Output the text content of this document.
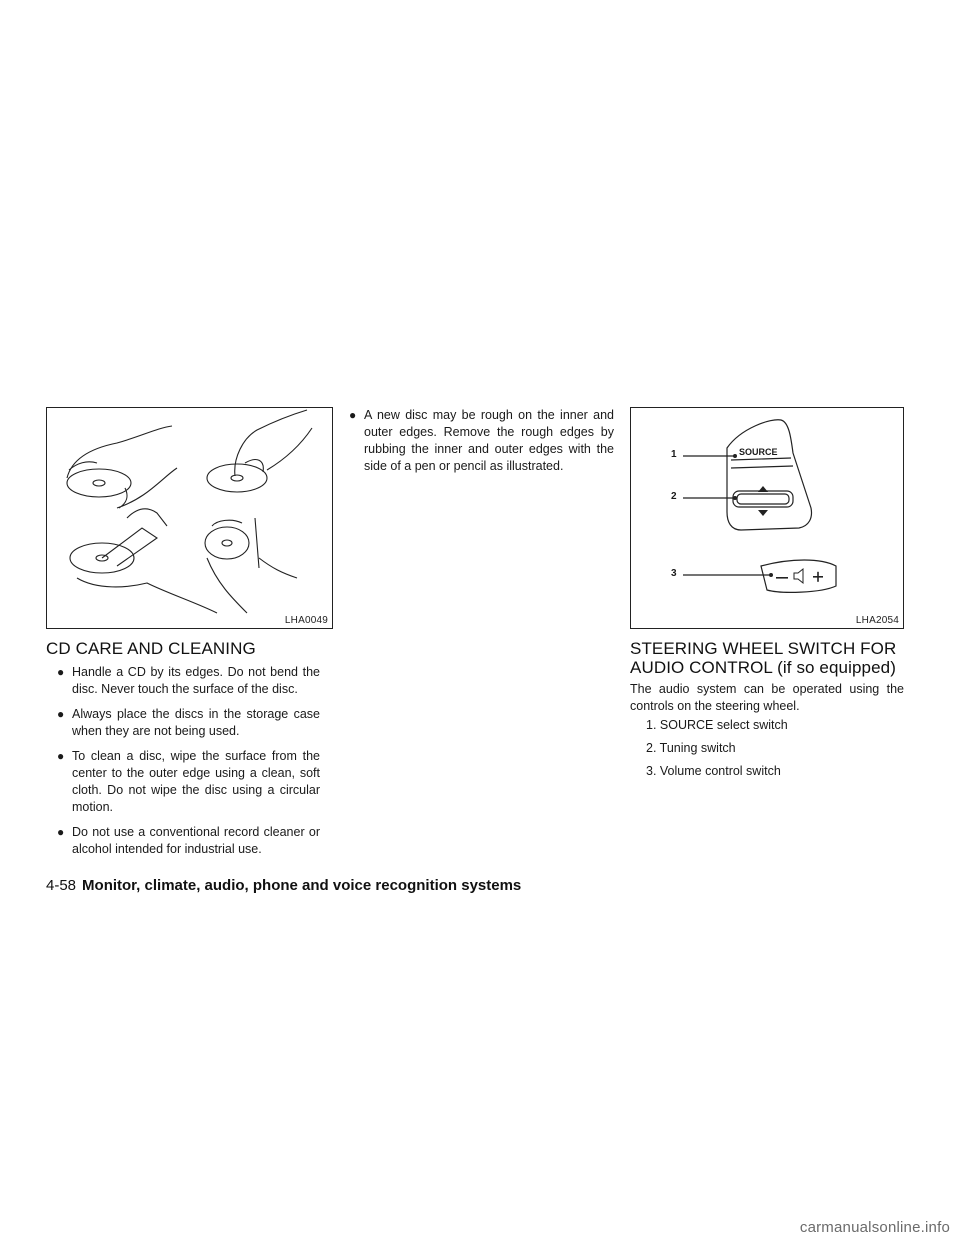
LHA0049
1
2
3
SOURCE
LHA2054
CD CARE AND CLEANING
● Handle a CD by its edges. Do not bend the disc. Never touch the surface of the disc.
● Always place the discs in the storage case when they are not being used.
● To clean a disc, wipe the surface from the center to the outer edge using a clean, soft cloth. Do not wipe the disc using a circular motion.
● Do not use a conventional record cleaner or alcohol intended for industrial use.
● A new disc may be rough on the inner and outer edges. Remove the rough edges by rubbing the inner and outer edges with the side of a pen or pencil as illustrated.
STEERING WHEEL SWITCH FOR
AUDIO CONTROL (if so equipped)

The audio system can be operated using the controls on the steering wheel.

1. SOURCE select switch
2. Tuning switch
3. Volume control switch
4-58 Monitor, climate, audio, phone and voice recognition systems
carmanualsonline.info
